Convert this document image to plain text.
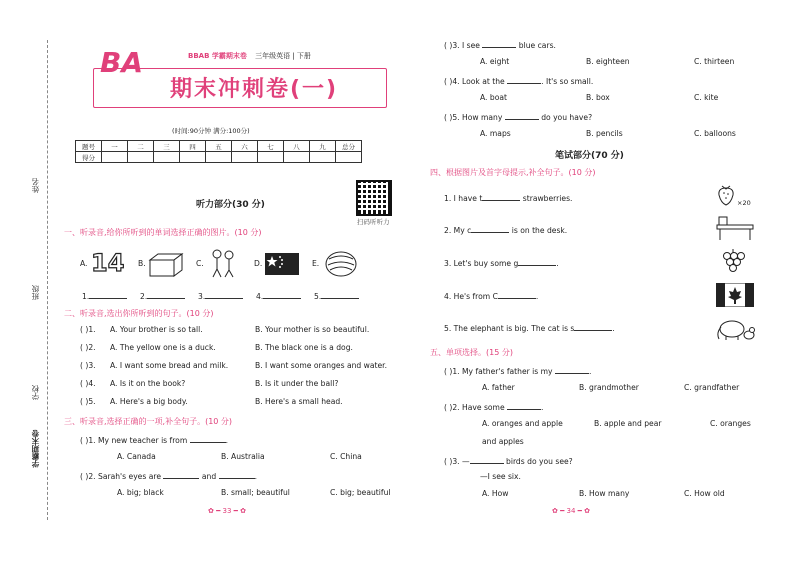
姓名
班级
学校
学霸期末卷
BA	BBAB 学霸期末卷 三年级英语 | 下册
期末冲刺卷(一)
(时间:90分钟 满分:100分)
题号	一	二	三	四	五	六	七	八	九	总分
得分										
扫码听听力
听力部分(30 分)
一、听录音,给你所听到的单词选择正确的图片。(10 分)
A. 14 B.	C.	D.	E.
1.	2.	3.	4.	5.
二、听录音,选出你所听到的句子。(10 分)
( )1. A. Your brother is so tall.	B. Your mother is so beautiful.
( )2. A. The yellow one is a duck.	B. The black one is a dog.
( )3. A. I want some bread and milk.	B. I want some oranges and water.
( )4. A. Is it on the book?	B. Is it under the ball?
( )5. A. Here's a big body.	B. Here's a small head.
三、听录音,选择正确的一项,补全句子。(10 分)
( )1. My new teacher is from	.
A. Canada	B. Australia	C. China
( )2. Sarah's eyes are	and	.
A. big; black	B. small; beautiful	C. big; beautiful
✿ ━ 33 ━ ✿
( )3. I see	blue cars.
A. eight	B. eighteen	C. thirteen
( )4. Look at the	. It's so small.
A. boat	B. box	C. kite
( )5. How many	do you have?
A. maps	B. pencils	C. balloons
笔试部分(70 分)
四、根据图片及首字母提示,补全句子。(10 分)
1. I have t	strawberries.
2. My c	is on the desk.
3. Let's buy some g	.
4. He's from C	.
5. The elephant is big. The cat is s	.
×20
五、单项选择。(15 分)
( )1. My father's father is my	.
A. father	B. grandmother	C. grandfather
( )2. Have some	.
A. oranges and apple	B. apple and pear	C. oranges
and apples
( )3. —	birds do you see?
—I see six.
A. How	B. How many	C. How old
✿ ━ 34 ━ ✿
